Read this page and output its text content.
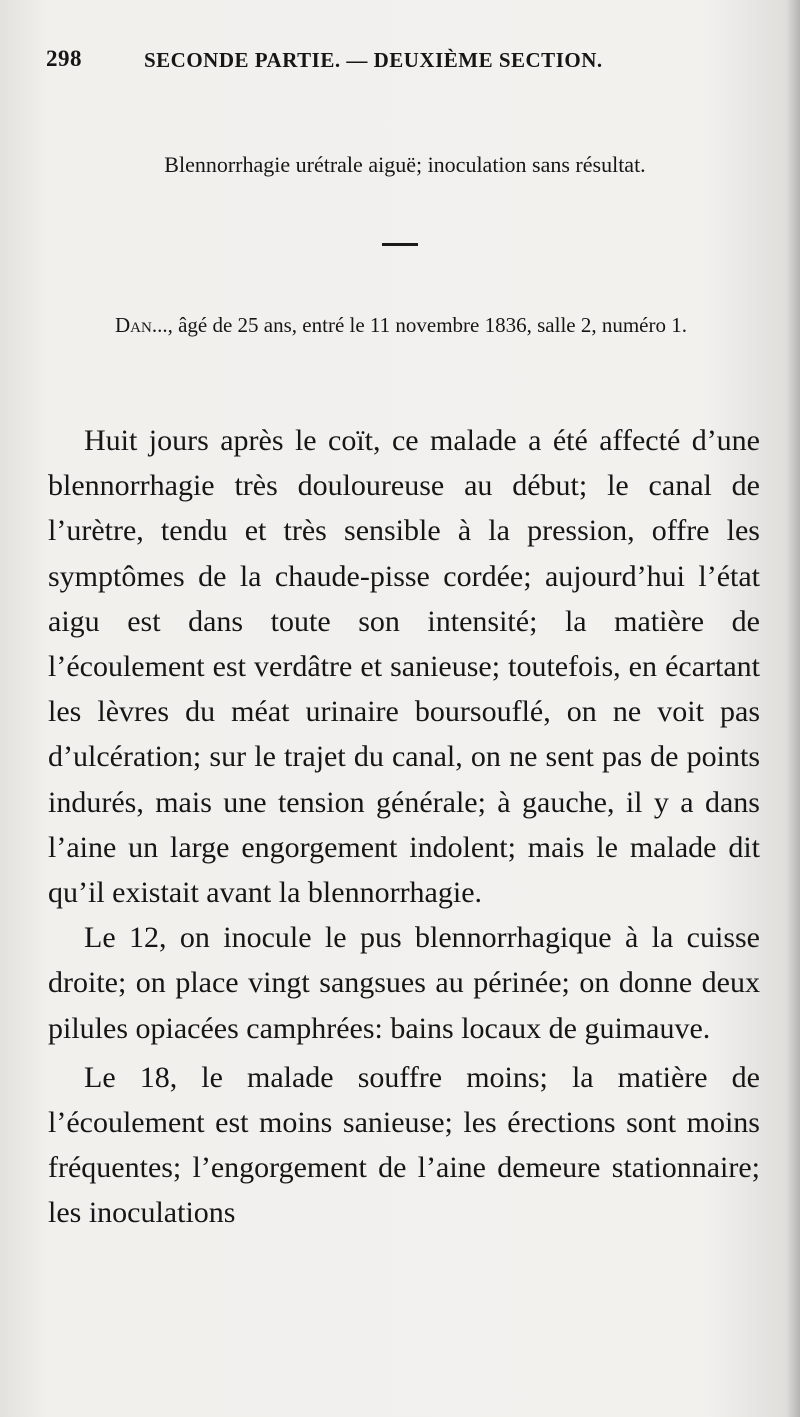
298	SECONDE PARTIE. — DEUXIÈME SECTION.
Blennorrhagie urétrale aiguë; inoculation sans résultat.
Dan..., âgé de 25 ans, entré le 11 novembre 1836, salle 2, numéro 1.

Huit jours après le coït, ce malade a été affecté d’une blennorrhagie très douloureuse au début; le canal de l’urètre, tendu et très sensible à la pression, offre les symptômes de la chaude-pisse cordée; aujourd’hui l’état aigu est dans toute son intensité; la matière de l’écoulement est verdâtre et sanieuse; toutefois, en écartant les lèvres du méat urinaire boursouflé, on ne voit pas d’ulcération; sur le trajet du canal, on ne sent pas de points indurés, mais une tension générale; à gauche, il y a dans l’aine un large engorgement indolent; mais le malade dit qu’il existait avant la blennorrhagie.

Le 12, on inocule le pus blennorrhagique à la cuisse droite; on place vingt sangsues au périnée; on donne deux pilules opiacées camphrées: bains locaux de guimauve.

Le 18, le malade souffre moins; la matière de l’écoulement est moins sanieuse; les érections sont moins fréquentes; l’engorgement de l’aine demeure stationnaire; les inoculations
